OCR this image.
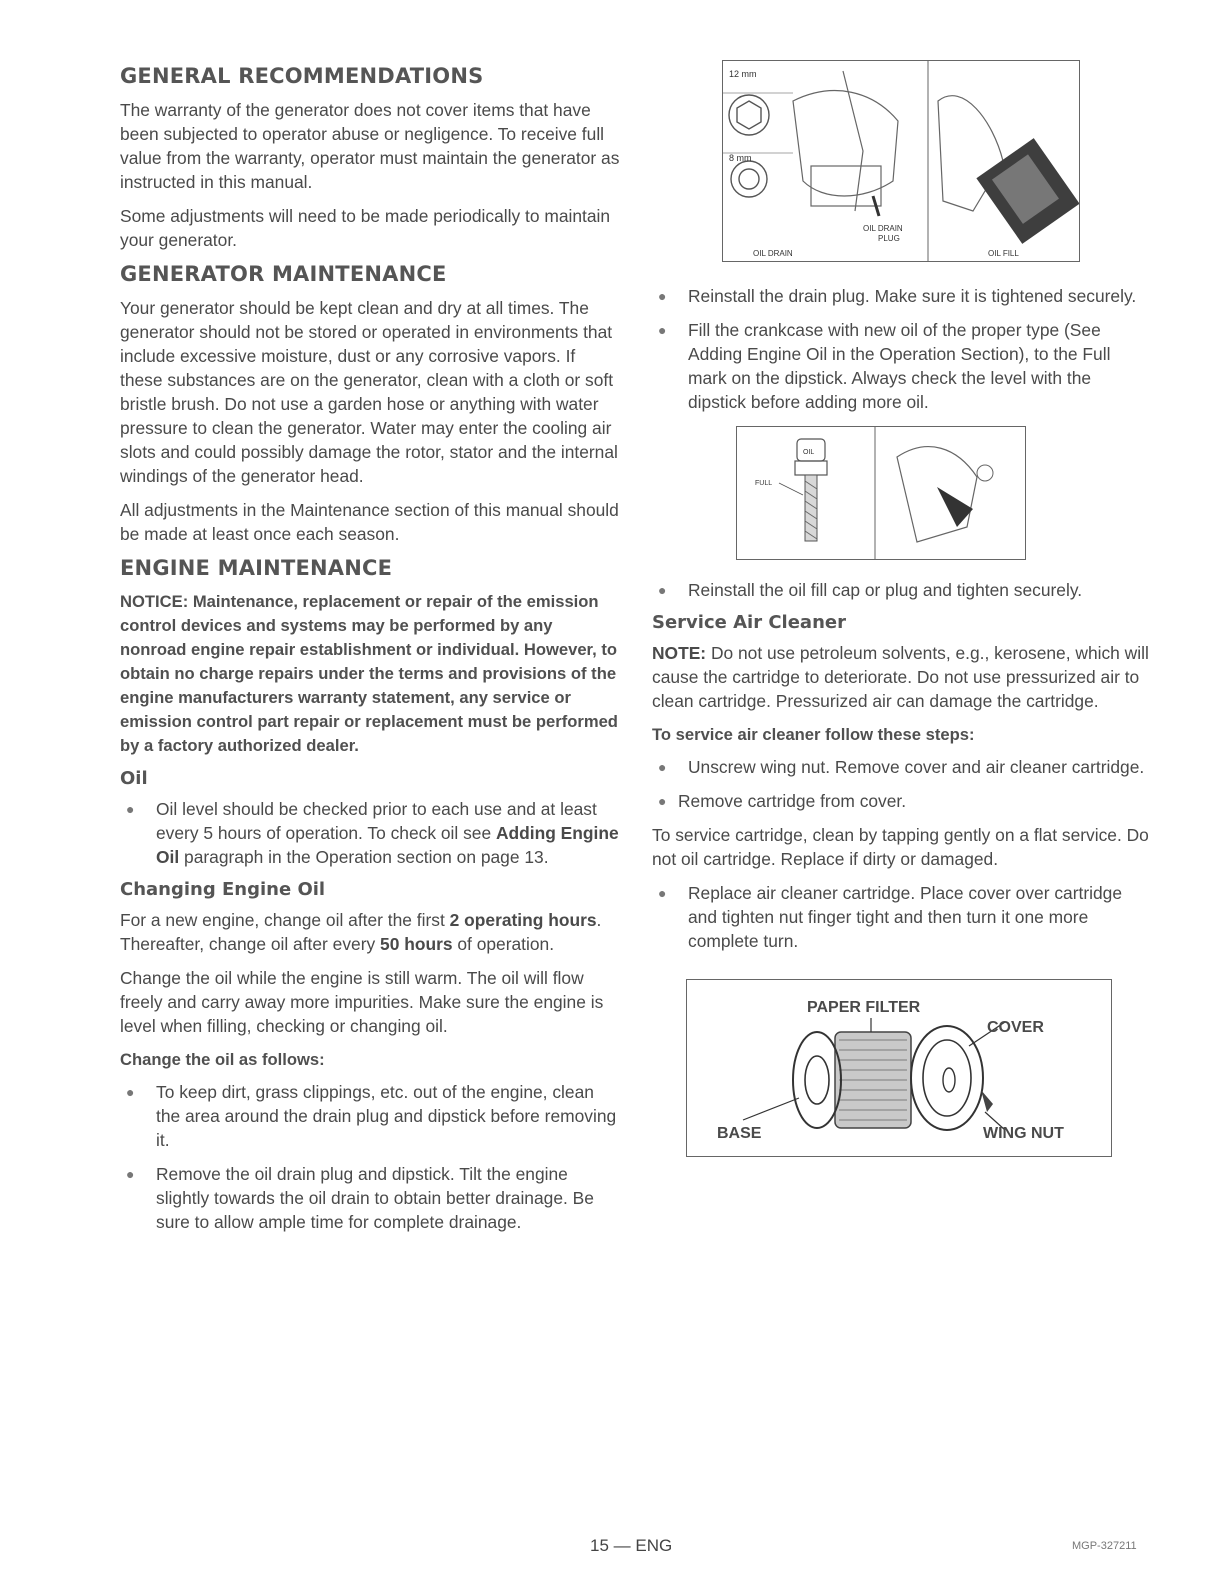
GENERAL RECOMMENDATIONS

The warranty of the generator does not cover items that have been subjected to operator abuse or negligence. To receive full value from the warranty, operator must maintain the generator as instructed in this manual.

Some adjustments will need to be made periodically to maintain your generator.

GENERATOR MAINTENANCE

Your generator should be kept clean and dry at all times. The generator should not be stored or operated in environments that include excessive moisture, dust or any corrosive vapors. If these substances are on the generator, clean with a cloth or soft bristle brush. Do not use a garden hose or anything with water pressure to clean the generator. Water may enter the cooling air slots and could possibly damage the rotor, stator and the internal windings of the generator head.

All adjustments in the Maintenance section of this manual should be made at least once each season.

ENGINE MAINTENANCE

NOTICE: Maintenance, replacement or repair of the emission control devices and systems may be performed by any nonroad engine repair establishment or individual. However, to obtain no charge repairs under the terms and provisions of the engine manufacturers warranty statement, any service or emission control part repair or replacement must be performed by a factory authorized dealer.

Oil
● Oil level should be checked prior to each use and at least every 5 hours of operation. To check oil see Adding Engine Oil paragraph in the Operation section on page 13.
Changing Engine Oil

For a new engine, change oil after the first 2 operating hours. Thereafter, change oil after every 50 hours of operation.

Change the oil while the engine is still warm. The oil will flow freely and carry away more impurities. Make sure the engine is level when filling, checking or changing oil.

Change the oil as follows:

● To keep dirt, grass clippings, etc. out of the engine, clean the area around the drain plug and dipstick before removing it.
● Remove the oil drain plug and dipstick. Tilt the engine slightly towards the oil drain to obtain better drainage. Be sure to allow ample time for complete drainage.
12 mm
8 mm
OIL DRAIN
PLUG
OIL DRAIN	OIL FILL
● Reinstall the drain plug. Make sure it is tightened securely.
● Fill the crankcase with new oil of the proper type (See Adding Engine Oil in the Operation Section), to the Full mark on the dipstick. Always check the level with the dipstick before adding more oil.
OIL
FULL
● Reinstall the oil fill cap or plug and tighten securely.
Service Air Cleaner

NOTE: Do not use petroleum solvents, e.g., kerosene, which will cause the cartridge to deteriorate. Do not use pressurized air to clean cartridge. Pressurized air can damage the cartridge.

To service air cleaner follow these steps:

● Unscrew wing nut. Remove cover and air cleaner cartridge.
● Remove cartridge from cover.

To service cartridge, clean by tapping gently on a flat service. Do not oil cartridge. Replace if dirty or damaged.

● Replace air cleaner cartridge. Place cover over cartridge and tighten nut finger tight and then turn it one more complete turn.
PAPER FILTER
COVER
BASE	WING NUT
15 — ENG	MGP-327211
